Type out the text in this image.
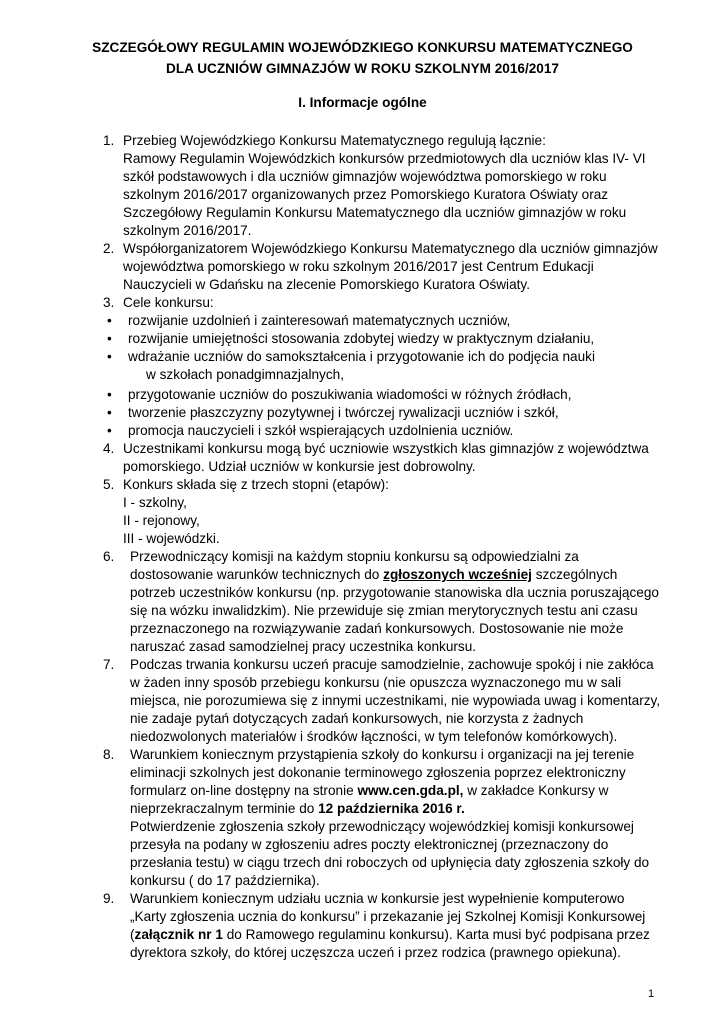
SZCZEGÓŁOWY REGULAMIN WOJEWÓDZKIEGO KONKURSU MATEMATYCZNEGO
DLA UCZNIÓW GIMNAZJÓW W ROKU SZKOLNYM 2016/2017
I. Informacje ogólne
1. Przebieg Wojewódzkiego Konkursu Matematycznego regulują łącznie:
Ramowy Regulamin Wojewódzkich konkursów przedmiotowych dla uczniów klas IV- VI
szkół podstawowych i dla uczniów gimnazjów województwa pomorskiego w roku
szkolnym 2016/2017 organizowanych przez Pomorskiego Kuratora Oświaty oraz
Szczegółowy Regulamin Konkursu Matematycznego dla uczniów gimnazjów w roku
szkolnym 2016/2017.
2. Współorganizatorem Wojewódzkiego Konkursu Matematycznego dla uczniów gimnazjów
województwa pomorskiego w roku szkolnym 2016/2017 jest Centrum Edukacji
Nauczycieli w Gdańsku na zlecenie Pomorskiego Kuratora Oświaty.
3. Cele konkursu:
• rozwijanie uzdolnień i zainteresowań matematycznych uczniów,
• rozwijanie umiejętności stosowania zdobytej wiedzy w praktycznym działaniu,
• wdrażanie uczniów do samokształcenia i przygotowanie ich do podjęcia nauki
w szkołach ponadgimnazjalnych,
• przygotowanie uczniów do poszukiwania wiadomości w różnych źródłach,
• tworzenie płaszczyzny pozytywnej i twórczej rywalizacji uczniów i szkół,
• promocja nauczycieli i szkół wspierających uzdolnienia uczniów.
4. Uczestnikami konkursu mogą być uczniowie wszystkich klas gimnazjów z województwa
pomorskiego. Udział uczniów w konkursie jest dobrowolny.
5. Konkurs składa się z trzech stopni (etapów):
I - szkolny,
II - rejonowy,
III - wojewódzki.
6. Przewodniczący komisji na każdym stopniu konkursu są odpowiedzialni za
dostosowanie warunków technicznych do zgłoszonych wcześniej szczególnych
potrzeb uczestników konkursu (np. przygotowanie stanowiska dla ucznia poruszającego
się na wózku inwalidzkim). Nie przewiduje się zmian merytorycznych testu ani czasu
przeznaczonego na rozwiązywanie zadań konkursowych. Dostosowanie nie może
naruszać zasad samodzielnej pracy uczestnika konkursu.
7. Podczas trwania konkursu uczeń pracuje samodzielnie, zachowuje spokój i nie zakłóca
w żaden inny sposób przebiegu konkursu (nie opuszcza wyznaczonego mu w sali
miejsca, nie porozumiewa się z innymi uczestnikami, nie wypowiada uwag i komentarzy,
nie zadaje pytań dotyczących zadań konkursowych, nie korzysta z żadnych
niedozwolonych materiałów i środków łączności, w tym telefonów komórkowych).
8. Warunkiem koniecznym przystąpienia szkoły do konkursu i organizacji na jej terenie
eliminacji szkolnych jest dokonanie terminowego zgłoszenia poprzez elektroniczny
formularz on-line dostępny na stronie www.cen.gda.pl, w zakładce Konkursy w
nieprzekraczalnym terminie do 12 października 2016 r.
Potwierdzenie zgłoszenia szkoły przewodniczący wojewódzkiej komisji konkursowej
przesyła na podany w zgłoszeniu adres poczty elektronicznej (przeznaczony do
przesłania testu) w ciągu trzech dni roboczych od upłynięcia daty zgłoszenia szkoły do
konkursu ( do 17 października).
9. Warunkiem koniecznym udziału ucznia w konkursie jest wypełnienie komputerowo
„Karty zgłoszenia ucznia do konkursu” i przekazanie jej Szkolnej Komisji Konkursowej
(załącznik nr 1 do Ramowego regulaminu konkursu). Karta musi być podpisana przez
dyrektora szkoły, do której uczęszcza uczeń i przez rodzica (prawnego opiekuna).
1
